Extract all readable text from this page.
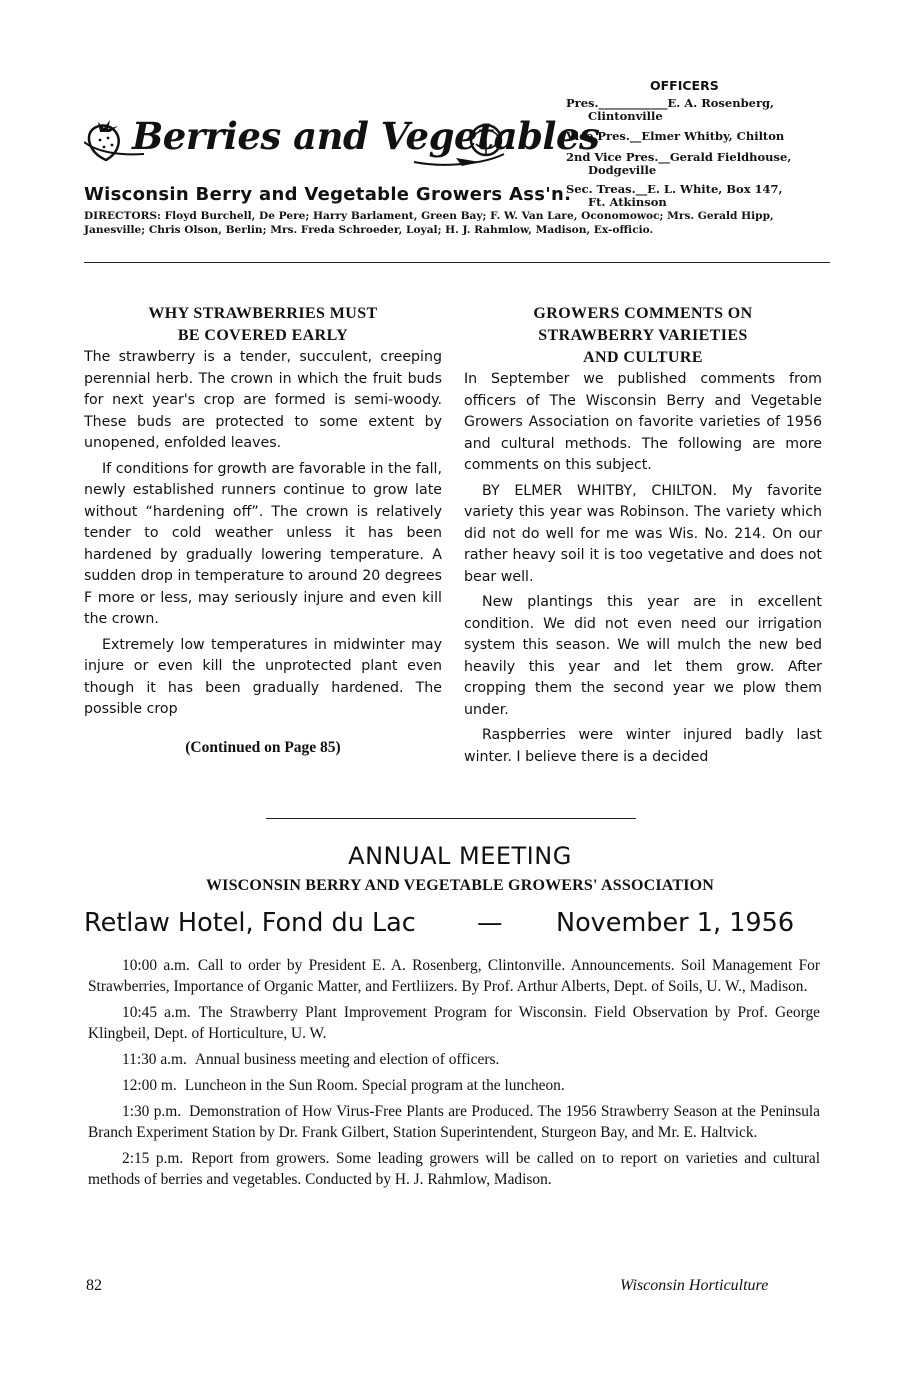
Berries and Vegetables
Wisconsin Berry and Vegetable Growers Ass'n.
OFFICERS
Pres.____________E. A. Rosenberg,
Clintonville
Vice Pres.__Elmer Whitby, Chilton
2nd Vice Pres.__Gerald Fieldhouse,
Dodgeville
Sec. Treas.__E. L. White, Box 147,
Ft. Atkinson
DIRECTORS: Floyd Burchell, De Pere; Harry Barlament, Green Bay; F. W. Van Lare, Oconomowoc; Mrs. Gerald Hipp, Janesville; Chris Olson, Berlin; Mrs. Freda Schroeder, Loyal; H. J. Rahmlow, Madison, Ex-officio.
WHY STRAWBERRIES MUST
BE COVERED EARLY

The strawberry is a tender, succulent, creeping perennial herb. The crown in which the fruit buds for next year's crop are formed is semi-woody. These buds are protected to some extent by unopened, enfolded leaves.

If conditions for growth are favorable in the fall, newly established runners continue to grow late without “hardening off”. The crown is relatively tender to cold weather unless it has been hardened by gradually lowering temperature. A sudden drop in temperature to around 20 degrees F more or less, may seriously injure and even kill the crown.

Extremely low temperatures in midwinter may injure or even kill the unprotected plant even though it has been gradually hardened. The possible crop

(Continued on Page 85)
GROWERS COMMENTS ON
STRAWBERRY VARIETIES
AND CULTURE

In September we published comments from officers of The Wisconsin Berry and Vegetable Growers Association on favorite varieties of 1956 and cultural methods. The following are more comments on this subject.

BY ELMER WHITBY, CHILTON. My favorite variety this year was Robinson. The variety which did not do well for me was Wis. No. 214. On our rather heavy soil it is too vegetative and does not bear well.

New plantings this year are in excellent condition. We did not even need our irrigation system this season. We will mulch the new bed heavily this year and let them grow. After cropping them the second year we plow them under.

Raspberries were winter injured badly last winter. I believe there is a decided

ANNUAL MEETING
WISCONSIN BERRY AND VEGETABLE GROWERS' ASSOCIATION
Retlaw Hotel, Fond du Lac — November 1, 1956

10:00 a.m. Call to order by President E. A. Rosenberg, Clintonville. Announcements. Soil Management For Strawberries, Importance of Organic Matter, and Fertliizers. By Prof. Arthur Alberts, Dept. of Soils, U. W., Madison.

10:45 a.m. The Strawberry Plant Improvement Program for Wisconsin. Field Observation by Prof. George Klingbeil, Dept. of Horticulture, U. W.

11:30 a.m. Annual business meeting and election of officers.

12:00 m. Luncheon in the Sun Room. Special program at the luncheon.

1:30 p.m. Demonstration of How Virus-Free Plants are Produced. The 1956 Strawberry Season at the Peninsula Branch Experiment Station by Dr. Frank Gilbert, Station Superintendent, Sturgeon Bay, and Mr. E. Haltvick.

2:15 p.m. Report from growers. Some leading growers will be called on to report on varieties and cultural methods of berries and vegetables. Conducted by H. J. Rahmlow, Madison.

82	Wisconsin Horticulture
